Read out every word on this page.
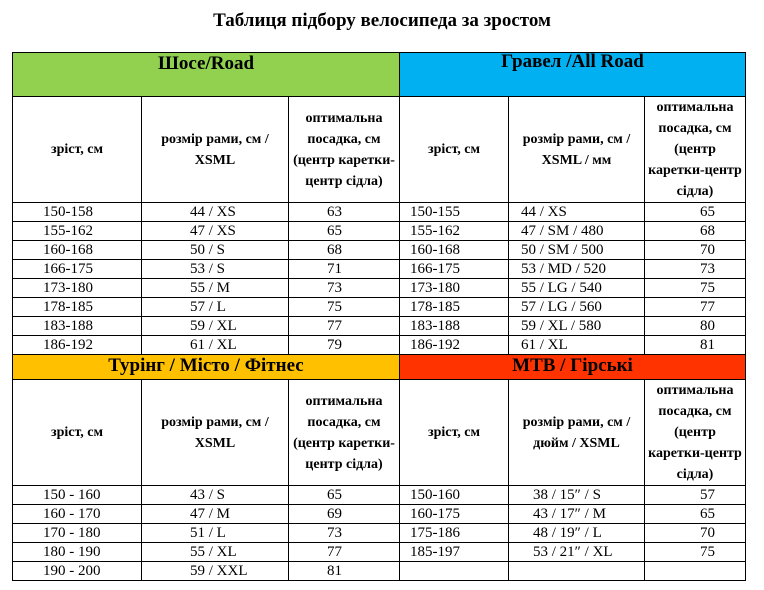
Таблиця підбору велосипеда за зростом
Шосе/Road			Гравел /All Road		
зріст, см	розмір рами, см / XSML	оптимальна посадка, см (центр каретки-центр сідла)	зріст, см	розмір рами, см / XSML / мм	оптимальна посадка, см (центр каретки-центр сідла)
150-158	44 / XS	63	150-155	44 / XS	65
155-162	47 / XS	65	155-162	47 / SM / 480	68
160-168	50 / S	68	160-168	50 / SM / 500	70
166-175	53 / S	71	166-175	53 / MD / 520	73
173-180	55 / M	73	173-180	55 / LG / 540	75
178-185	57 / L	75	178-185	57 / LG / 560	77
183-188	59 / XL	77	183-188	59 / XL / 580	80
186-192	61 / XL	79	186-192	61 / XL	81
Турінг / Місто / Фітнес			MTB / Гірські		
зріст, см	розмір рами, см / XSML	оптимальна посадка, см (центр каретки-центр сідла)	зріст, см	розмір рами, см / дюйм / XSML	оптимальна посадка, см (центр каретки-центр сідла)
150 - 160	43 / S	65	150-160	38 / 15″ / S	57
160 - 170	47 / M	69	160-175	43 / 17″ / M	65
170 - 180	51 / L	73	175-186	48 / 19″ / L	70
180 - 190	55 / XL	77	185-197	53 / 21″ / XL	75
190 - 200	59 / XXL	81			
